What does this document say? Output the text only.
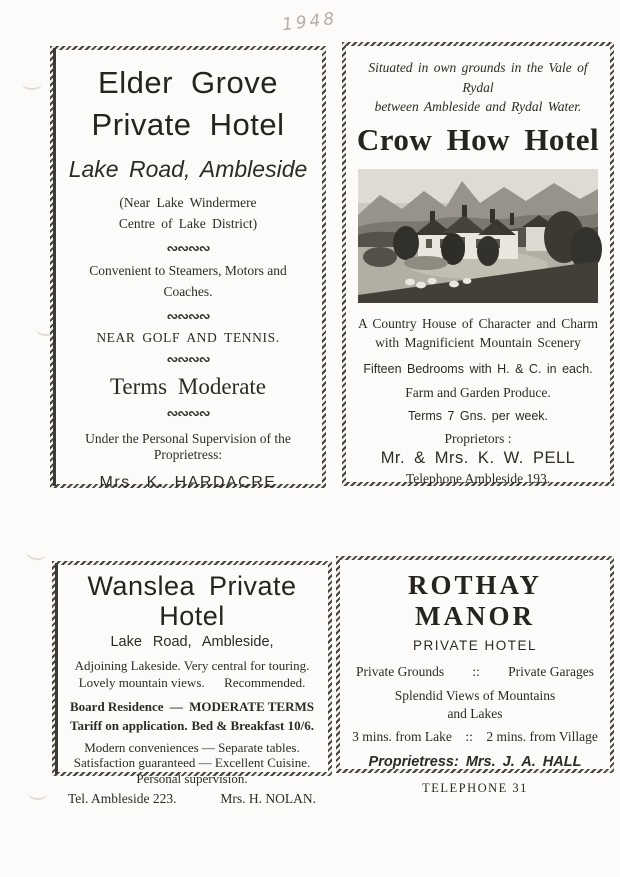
1948
Elder Grove
Private Hotel
Lake Road, Ambleside
(Near Lake Windermere
Centre of Lake District)
∾∾∾∾
Convenient to Steamers, Motors and
Coaches.
∾∾∾∾
NEAR GOLF AND TENNIS.
∾∾∾∾
Terms Moderate
∾∾∾∾
Under the Personal Supervision of the Proprietress:
Mrs. K. HARDACRE
Situated in own grounds in the Vale of Rydal
between Ambleside and Rydal Water.
Crow How Hotel
A Country House of Character and Charm
with Magnificient Mountain Scenery
Fifteen Bedrooms with H. & C. in each.
Farm and Garden Produce.
Terms 7 Gns. per week.
Proprietors :
Mr. & Mrs. K. W. PELL
Telephone Ambleside 193.
Wanslea Private Hotel
Lake Road, Ambleside,
Adjoining Lakeside. Very central for touring.
Lovely mountain views.      Recommended.
Board Residence — MODERATE TERMS
Tariff on application. Bed & Breakfast 10/6.
Modern conveniences — Separate tables.
Satisfaction guaranteed — Excellent Cuisine.
Personal supervision.
Tel. Ambleside 223.	Mrs. H. NOLAN.
ROTHAY MANOR
PRIVATE HOTEL
Private Grounds :: Private Garages
Splendid Views of Mountains
and Lakes
3 mins. from Lake    ::    2 mins. from Village
Proprietress: Mrs. J. A. HALL
TELEPHONE 31
